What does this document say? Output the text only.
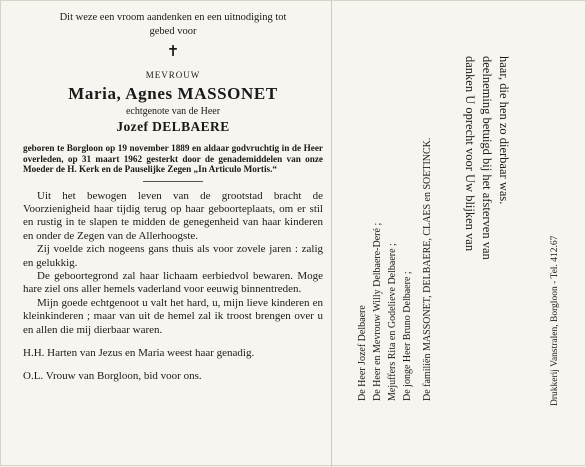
Dit weze een vroom aandenken en een uitnodiging tot
gebed voor
✝
MEVROUW
Maria, Agnes MASSONET
echtgenote van de Heer
Jozef DELBAERE
geboren te Borgloon op 19 november 1889 en aldaar godvruchtig in de Heer overleden, op 31 maart 1962 gesterkt door de genademiddelen van onze Moeder de H. Kerk en de Pauselijke Zegen „In Articulo Mortis.“

Uit het bewogen leven van de grootstad bracht de Voorzienigheid haar tijdig terug op haar geboorteplaats, om er stil en rustig in te slapen te midden de genegenheid van haar kinderen en onder de Zegen van de Allerhoogste.

Zij voelde zich nogeens gans thuis als voor zovele jaren : zalig en gelukkig.

De geboortegrond zal haar lichaam eerbiedvol bewaren. Moge hare ziel ons aller hemels vaderland voor eeuwig binnentreden.

Mijn goede echtgenoot u valt het hard, u, mijn lieve kinderen en kleinkinderen ; maar van uit de hemel zal ik troost brengen over u en allen die mij dierbaar waren.

H.H. Harten van Jezus en Maria weest haar genadig.
O.L. Vrouw van Borgloon, bid voor ons.	De Heer Jozef Delbaere De Heer en Mevrouw Willy Delbaere-Deré ; Mejuffers Rita en Godelieve Delbaere ; De jonge Heer Bruno Delbaere ; De familiën MASSONET, DELBAERE, CLAES en SOETINCK. danken U oprecht voor Uw blijken van deelneming betuigd bij het afsterven van haar, die hen zo dierbaar was.
Drukkerij Vanstralen, Borgloon - Tel. 412.67
